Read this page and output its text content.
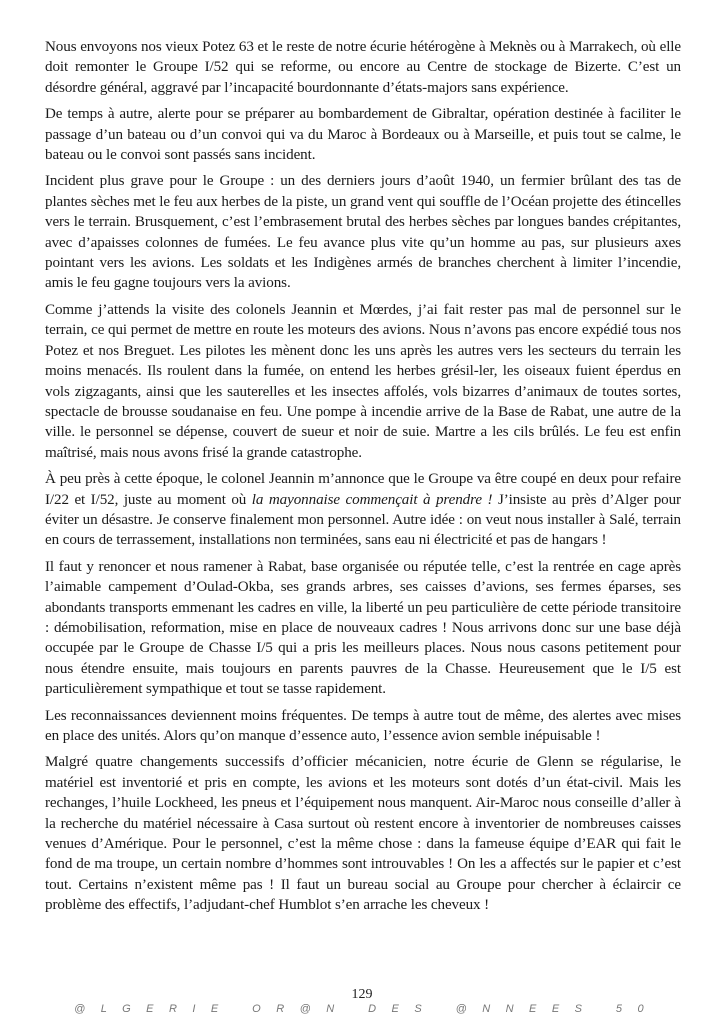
Nous envoyons nos vieux Potez 63 et le reste de notre écurie hétérogène à Meknès ou à Marrakech, où elle doit remonter le Groupe I/52 qui se reforme, ou encore au Centre de stockage de Bizerte. C’est un désordre général, aggravé par l’incapacité bourdonnante d’états-majors sans expérience.

De temps à autre, alerte pour se préparer au bombardement de Gibraltar, opération destinée à faciliter le passage d’un bateau ou d’un convoi qui va du Maroc à Bordeaux ou à Marseille, et puis tout se calme, le bateau ou le convoi sont passés sans incident.

Incident plus grave pour le Groupe : un des derniers jours d’août 1940, un fermier brûlant des tas de plantes sèches met le feu aux herbes de la piste, un grand vent qui souffle de l’Océan projette des étincelles vers le terrain. Brusquement, c’est l’embrasement brutal des herbes sèches par longues bandes crépitantes, avec d’apaisses colonnes de fumées. Le feu avance plus vite qu’un homme au pas, sur plusieurs axes pointant vers les avions. Les soldats et les Indigènes armés de branches cherchent à limiter l’incendie, amis le feu gagne toujours vers la avions.

Comme j’attends la visite des colonels Jeannin et Mœrdes, j’ai fait rester pas mal de personnel sur le terrain, ce qui permet de mettre en route les moteurs des avions. Nous n’avons pas encore expédié tous nos Potez et nos Breguet. Les pilotes les mènent donc les uns après les autres vers les secteurs du terrain les moins menacés. Ils roulent dans la fumée, on entend les herbes grésil-ler, les oiseaux fuient éperdus en vols zigzagants, ainsi que les sauterelles et les insectes affolés, vols bizarres d’animaux de toutes sortes, spectacle de brousse soudanaise en feu. Une pompe à incendie arrive de la Base de Rabat, une autre de la ville. le personnel se dépense, couvert de sueur et noir de suie. Martre a les cils brûlés. Le feu est enfin maîtrisé, mais nous avons frisé la grande catastrophe.

À peu près à cette époque, le colonel Jeannin m’annonce que le Groupe va être coupé en deux pour refaire I/22 et I/52, juste au moment où la mayonnaise commençait à prendre ! J’insiste au près d’Alger pour éviter un désastre. Je conserve finalement mon personnel. Autre idée : on veut nous installer à Salé, terrain en cours de terrassement, installations non terminées, sans eau ni électricité et pas de hangars !

Il faut y renoncer et nous ramener à Rabat, base organisée ou réputée telle, c’est la rentrée en cage après l’aimable campement d’Oulad-Okba, ses grands arbres, ses caisses d’avions, ses fermes éparses, ses abondants transports emmenant les cadres en ville, la liberté un peu particulière de cette période transitoire : démobilisation, reformation, mise en place de nouveaux cadres ! Nous arrivons donc sur une base déjà occupée par le Groupe de Chasse I/5 qui a pris les meilleurs places. Nous nous casons petitement pour nous étendre ensuite, mais toujours en parents pauvres de la Chasse. Heureusement que le I/5 est particulièrement sympathique et tout se tasse rapidement.

Les reconnaissances deviennent moins fréquentes. De temps à autre tout de même, des alertes avec mises en place des unités. Alors qu’on manque d’essence auto, l’essence avion semble inépuisable !

Malgré quatre changements successifs d’officier mécanicien, notre écurie de Glenn se régularise, le matériel est inventorié et pris en compte, les avions et les moteurs sont dotés d’un état-civil. Mais les rechanges, l’huile Lockheed, les pneus et l’équipement nous manquent. Air-Maroc nous conseille d’aller à la recherche du matériel nécessaire à Casa surtout où restent encore à inventorier de nombreuses caisses venues d’Amérique. Pour le personnel, c’est la même chose : dans la fameuse équipe d’EAR qui fait le fond de ma troupe, un certain nombre d’hommes sont introuvables ! On les a affectés sur le papier et c’est tout. Certains n’existent même pas ! Il faut un bureau social au Groupe pour chercher à éclaircir ce problème des effectifs, l’adjudant-chef Humblot s’en arrache les cheveux !

129
@ L G E R I E   O R @ N   D E S   @ N N E E S   5 0
